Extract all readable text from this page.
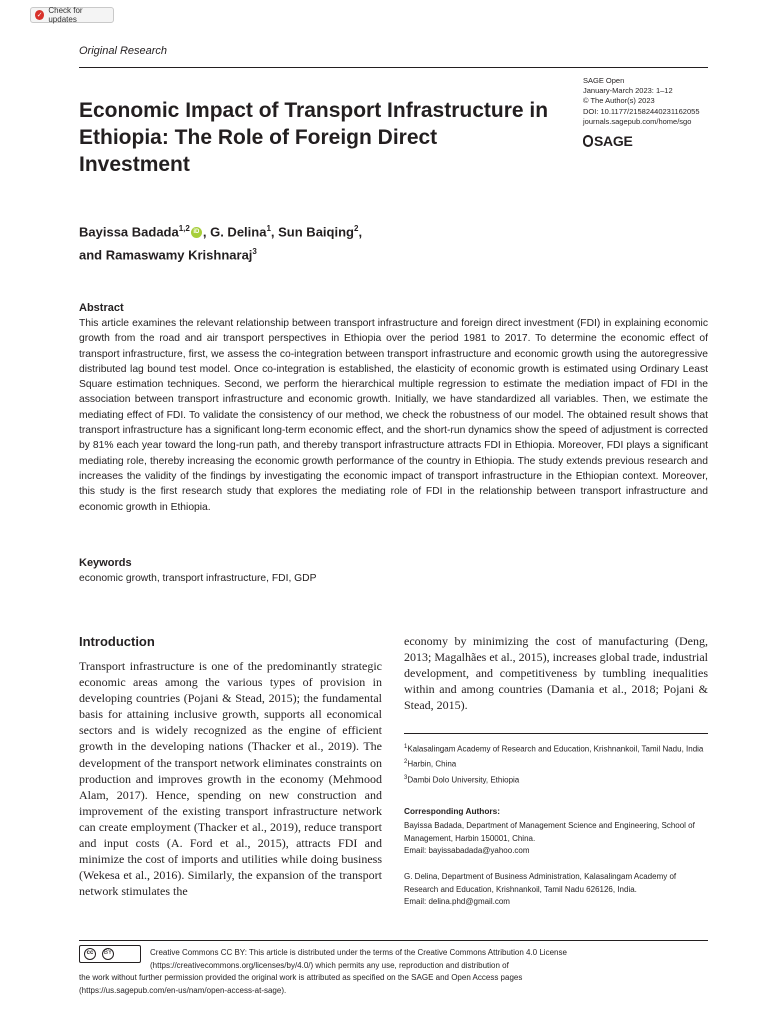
✓
Check for updates
Original Research
SAGE Open
January-March 2023: 1–12
© The Author(s) 2023
DOI: 10.1177/21582440231162055
journals.sagepub.com/home/sgo
SAGE
Economic Impact of Transport Infrastructure in Ethiopia: The Role of Foreign Direct Investment
Bayissa Badada$^{1,2}$ iD , G. Delina$^1$, Sun Baiqing$^2$,
and Ramaswamy Krishnaraj$^3$
Abstract
This article examines the relevant relationship between transport infrastructure and foreign direct investment (FDI) in explaining economic growth from the road and air transport perspectives in Ethiopia over the period 1981 to 2017. To determine the economic effect of transport infrastructure, first, we assess the co-integration between transport infrastructure and economic growth using the autoregressive distributed lag bound test model. Once co-integration is established, the elasticity of economic growth is estimated using Ordinary Least Square estimation techniques. Second, we perform the hierarchical multiple regression to estimate the mediation impact of FDI in the association between transport infrastructure and economic growth. Initially, we have standardized all variables. Then, we estimate the mediating effect of FDI. To validate the consistency of our method, we check the robustness of our model. The obtained result shows that transport infrastructure has a significant long-term economic effect, and the short-run dynamics show the speed of adjustment is corrected by 81% each year toward the long-run path, and thereby transport infrastructure attracts FDI in Ethiopia. Moreover, FDI plays a significant mediating role, thereby increasing the economic growth performance of the country in Ethiopia. The study extends previous research and increases the validity of the findings by investigating the economic impact of transport infrastructure in the Ethiopian context. Moreover, this study is the first research study that explores the mediating role of FDI in the relationship between transport infrastructure and economic growth in Ethiopia.
Keywords
economic growth, transport infrastructure, FDI, GDP
Introduction
Transport infrastructure is one of the predominantly strategic economic areas among the various types of provision in developing countries (Pojani & Stead, 2015); the fundamental basis for attaining inclusive growth, supports all economical sectors and is widely recognized as the engine of efficient growth in the developing nations (Thacker et al., 2019). The development of the transport network eliminates constraints on production and improves growth in the economy (Mehmood Alam, 2017). Hence, spending on new construction and improvement of the existing transport infrastructure network can create employment (Thacker et al., 2019), reduce transport and input costs (A. Ford et al., 2015), attracts FDI and minimize the cost of imports and utilities while doing business (Wekesa et al., 2016). Similarly, the expansion of the transport network stimulates the
economy by minimizing the cost of manufacturing (Deng, 2013; Magalhães et al., 2015), increases global trade, industrial development, and competitiveness by tumbling inequalities within and among countries (Damania et al., 2018; Pojani & Stead, 2015).
$^1$Kalasalingam Academy of Research and Education, Krishnankoil, Tamil Nadu, India
$^2$Harbin, China
$^3$Dambi Dolo University, Ethiopia
Corresponding Authors:
Bayissa Badada, Department of Management Science and Engineering, School of Management, Harbin 150001, China.
Email: bayissabadada@yahoo.com
G. Delina, Department of Business Administration, Kalasalingam Academy of Research and Education, Krishnankoil, Tamil Nadu 626126, India.
Email: delina.phd@gmail.com
cc	BY	Creative Commons CC BY: This article is distributed under the terms of the Creative Commons Attribution 4.0 License
(https://creativecommons.org/licenses/by/4.0/) which permits any use, reproduction and distribution of
the work without further permission provided the original work is attributed as specified on the SAGE and Open Access pages
(https://us.sagepub.com/en-us/nam/open-access-at-sage).
